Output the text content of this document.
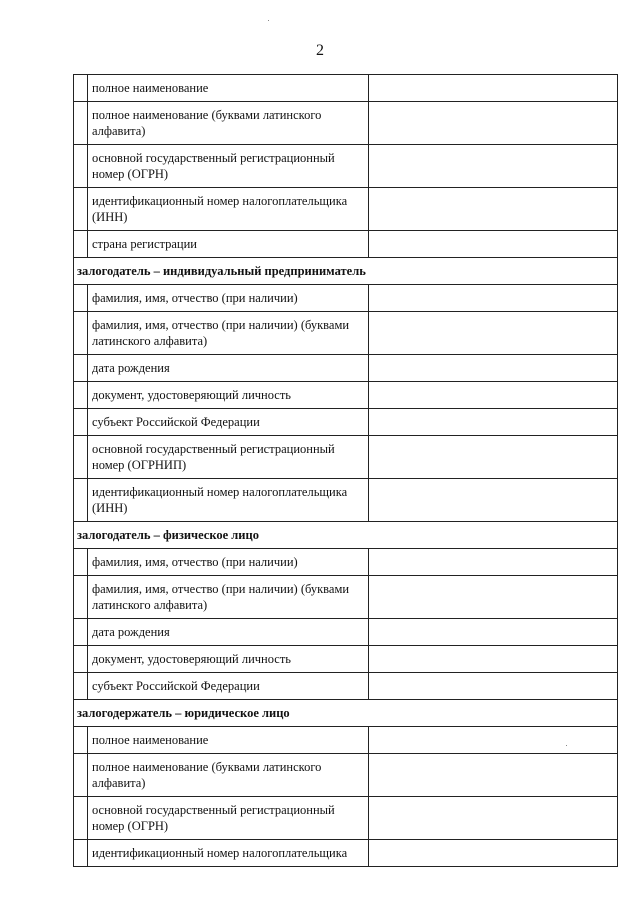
2
	полное наименование	
	полное наименование (буквами латинского алфавита)	
	основной государственный регистрационный номер (ОГРН)	
	идентификационный номер налогоплательщика (ИНН)	
	страна регистрации	
залогодатель – индивидуальный предприниматель		
	фамилия, имя, отчество (при наличии)	
	фамилия, имя, отчество (при наличии) (буквами латинского алфавита)	
	дата рождения	
	документ, удостоверяющий личность	
	субъект Российской Федерации	
	основной государственный регистрационный номер (ОГРНИП)	
	идентификационный номер налогоплательщика (ИНН)	
залогодатель – физическое лицо		
	фамилия, имя, отчество (при наличии)	
	фамилия, имя, отчество (при наличии) (буквами латинского алфавита)	
	дата рождения	
	документ, удостоверяющий личность	
	субъект Российской Федерации	
залогодержатель – юридическое лицо		
	полное наименование	
	полное наименование (буквами латинского алфавита)	
	основной государственный регистрационный номер (ОГРН)	
	идентификационный номер налогоплательщика	
